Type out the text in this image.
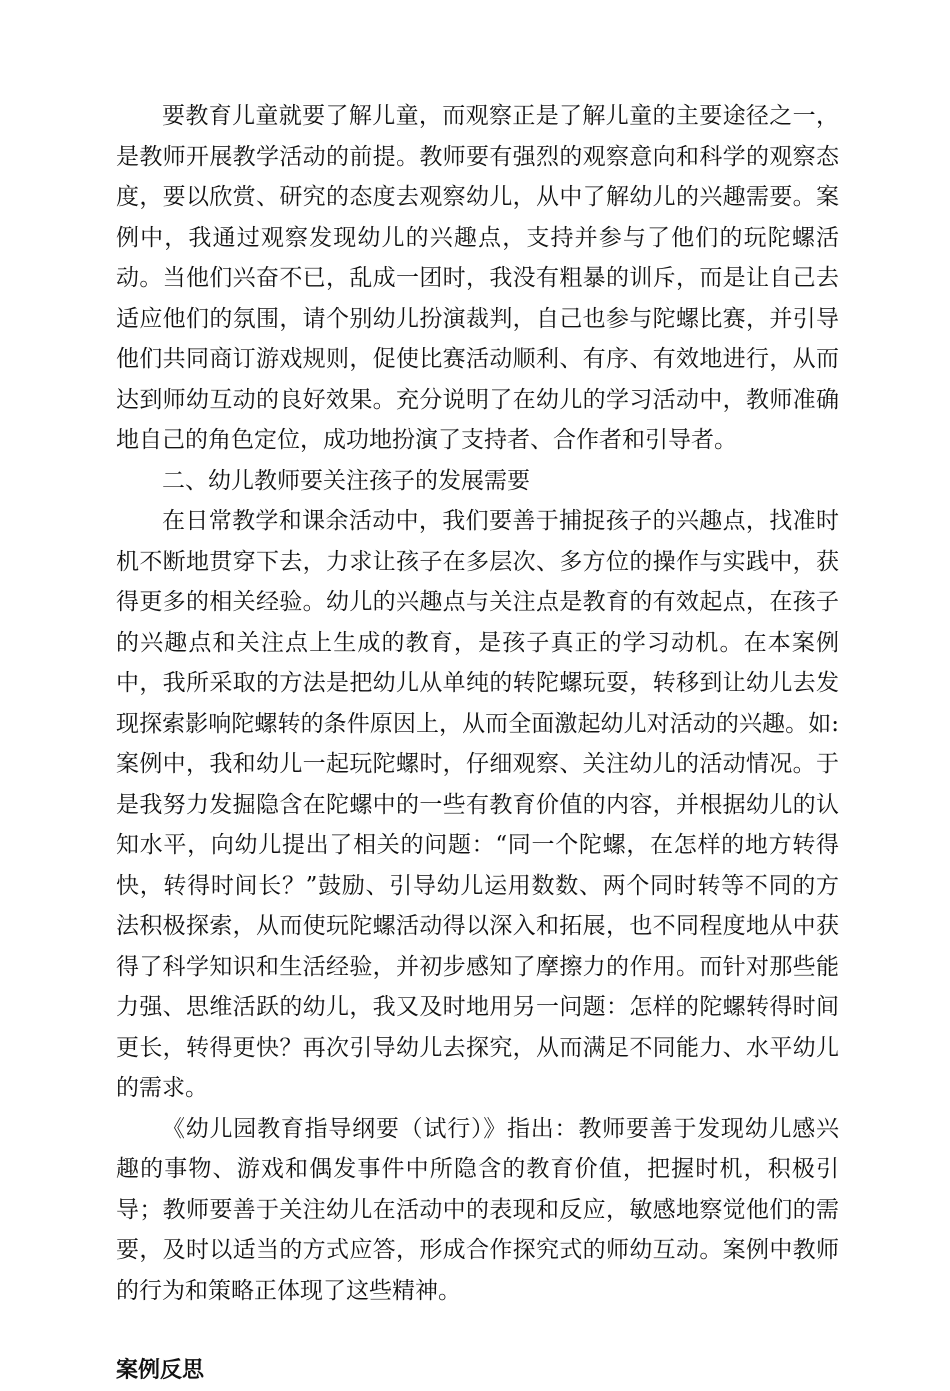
要教育儿童就要了解儿童，而观察正是了解儿童的主要途径之一，是教师开展教学活动的前提。教师要有强烈的观察意向和科学的观察态度，要以欣赏、研究的态度去观察幼儿，从中了解幼儿的兴趣需要。案例中，我通过观察发现幼儿的兴趣点，支持并参与了他们的玩陀螺活动。当他们兴奋不已，乱成一团时，我没有粗暴的训斥，而是让自己去适应他们的氛围，请个别幼儿扮演裁判，自己也参与陀螺比赛，并引导他们共同商订游戏规则，促使比赛活动顺利、有序、有效地进行，从而达到师幼互动的良好效果。充分说明了在幼儿的学习活动中，教师准确地自己的角色定位，成功地扮演了支持者、合作者和引导者。

二、幼儿教师要关注孩子的发展需要

在日常教学和课余活动中，我们要善于捕捉孩子的兴趣点，找准时机不断地贯穿下去，力求让孩子在多层次、多方位的操作与实践中，获得更多的相关经验。幼儿的兴趣点与关注点是教育的有效起点，在孩子的兴趣点和关注点上生成的教育，是孩子真正的学习动机。在本案例中，我所采取的方法是把幼儿从单纯的转陀螺玩耍，转移到让幼儿去发现探索影响陀螺转的条件原因上，从而全面激起幼儿对活动的兴趣。如:案例中，我和幼儿一起玩陀螺时，仔细观察、关注幼儿的活动情况。于是我努力发掘隐含在陀螺中的一些有教育价值的内容，并根据幼儿的认知水平，向幼儿提出了相关的问题：“同一个陀螺，在怎样的地方转得快，转得时间长？”鼓励、引导幼儿运用数数、两个同时转等不同的方法积极探索，从而使玩陀螺活动得以深入和拓展，也不同程度地从中获得了科学知识和生活经验，并初步感知了摩擦力的作用。而针对那些能力强、思维活跃的幼儿，我又及时地用另一问题：怎样的陀螺转得时间更长，转得更快？再次引导幼儿去探究，从而满足不同能力、水平幼儿的需求。

《幼儿园教育指导纲要（试行）》指出：教师要善于发现幼儿感兴趣的事物、游戏和偶发事件中所隐含的教育价值，把握时机，积极引导；教师要善于关注幼儿在活动中的表现和反应，敏感地察觉他们的需要，及时以适当的方式应答，形成合作探究式的师幼互动。案例中教师的行为和策略正体现了这些精神。

案例反思
